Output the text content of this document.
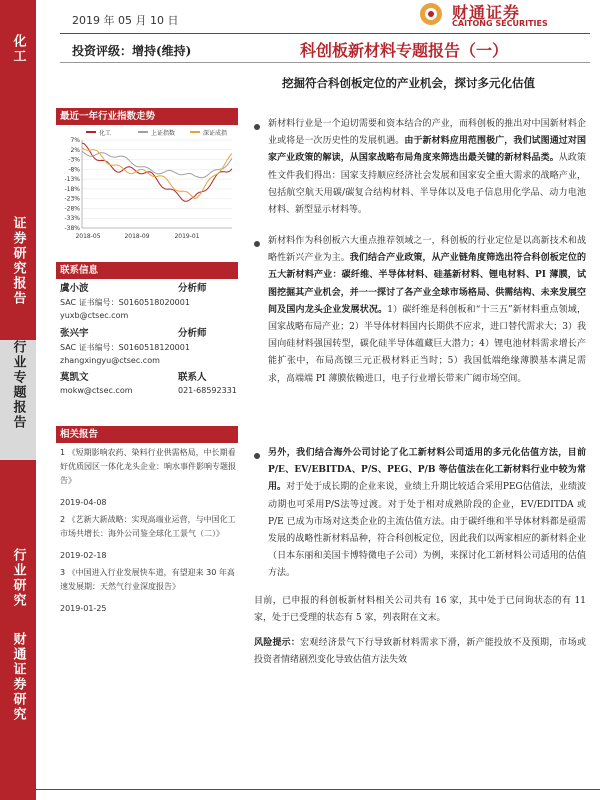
化工
证券研究报告
行业专题报告
行业研究
财通证券研究
2019 年 05 月 10 日	财通证券
CAITONG SECURITIES
投资评级：增持(维持)	科创板新材料专题报告（一）
挖掘符合科创板定位的产业机会，探讨多元化估值
最近一年行业指数走势
化工	上证指数	深证成指
7%
2%
-3%
-8%
-13%
-18%
-23%
-28%
-33%
-38%
2018-05	2018-09	2019-01
联系信息
虞小波	分析师
SAC 证书编号：S0160518020001
yuxb@ctsec.com
张兴宇	分析师
SAC 证书编号：S0160518120001
zhangxingyu@ctsec.com
莫凯文	联系人
mokw@ctsec.com	021-68592331
相关报告
1 《短期影响农药、染料行业供需格局，中长期看好优质园区一体化龙头企业：响水事件影响专题报告》
2019-04-08
2 《艺新大新战略：实现高端业运营，与中国化工市场共增长：海外公司鉴全球化工景气（二）》
2019-02-18
3 《中国进入行业发展快车道，有望迎来 30 年高速发展期：天然气行业深度报告》
2019-01-25
新材料行业是一个迫切需要和资本结合的产业，而科创板的推出对中国新材料企业或将是一次历史性的发展机遇。由于新材料应用范围极广，我们试图通过对国家产业政策的解读，从国家战略布局角度来筛选出最关键的新材料品类。从政策性文件我们得出：国家支持顺应经济社会发展和国家安全重大需求的战略产业，包括航空航天用碳/碳复合结构材料、半导体以及电子信息用化学品、动力电池材料、新型显示材料等。
新材料作为科创板六大重点推荐领域之一，科创板的行业定位是以高新技术和战略性新兴产业为主。我们结合产业政策，从产业链角度筛选出符合科创板定位的五大新材料产业：碳纤维、半导体材料、硅基新材料、锂电材料、PI 薄膜，试图挖掘其产业机会，并一一探讨了各产业全球市场格局、供需结构、未来发展空间及国内龙头企业发展状况。1）碳纤维是科创板和“十三五”新材料重点领域，国家战略布局产业；2）半导体材料国内长期供不应求，进口替代需求大；3）我国向硅材料强国转型，碳化硅半导体蕴藏巨大潜力；4）锂电池材料需求增长产能扩张中，布局高镍三元正极材料正当时；5）我国低端绝缘薄膜基本满足需求，高端端 PI 薄膜依赖进口，电子行业增长带来广阔市场空间。
另外，我们结合海外公司讨论了化工新材料公司适用的多元化估值方法，目前 P/E、EV/EBITDA、P/S、PEG、P/B 等估值法在化工新材料行业中较为常用。对于处于成长期的企业来说，业绩上升期比较适合采用PEG估值法，业绩波动期也可采用P/S法等过渡。对于处于相对成熟阶段的企业，EV/EDITDA 或 P/E 已成为市场对这类企业的主流估值方法。由于碳纤维和半导体材料都是亟需发展的战略性新材料品种，符合科创板定位，因此我们以两家相应的新材料企业（日本东丽和美国卡博特微电子公司）为例，来探讨化工新材料公司适用的估值方法。
目前，已申报的科创板新材料相关公司共有 16 家，其中处于已问询状态的有 11 家，处于已受理的状态有 5 家，列表附在文末。
风险提示：宏观经济景气下行导致新材料需求下滑，新产能投放不及预期，市场或投资者情绪剧烈变化导致估值方法失效
